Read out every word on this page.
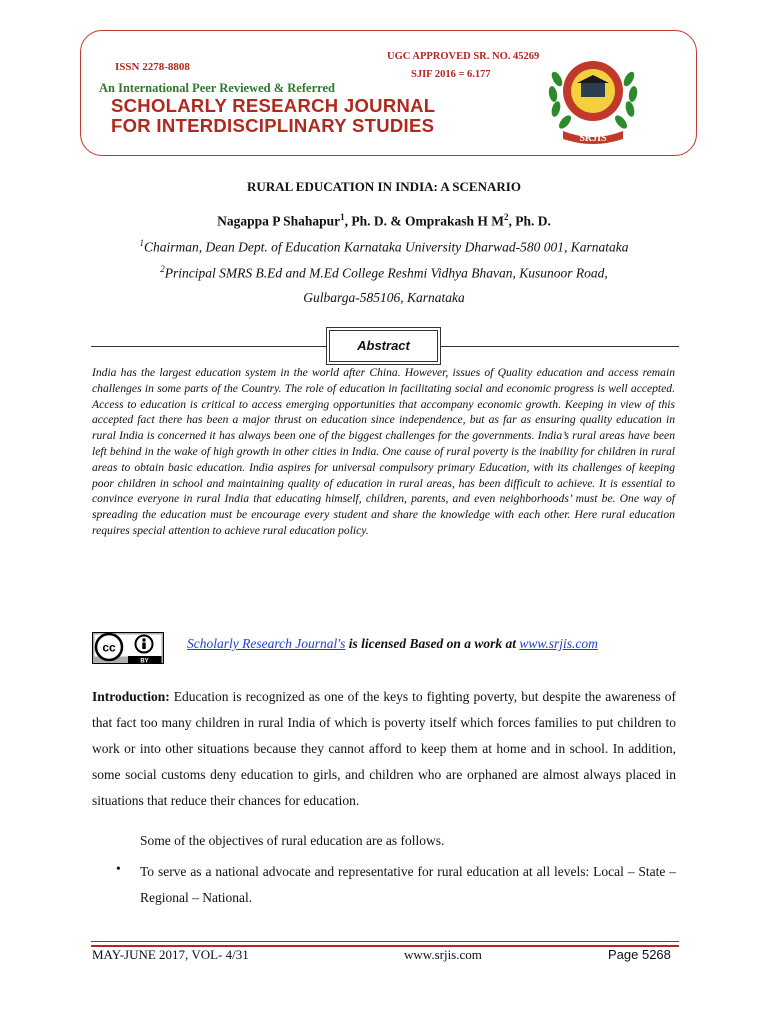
ISSN 2278-8808
An International Peer Reviewed & Referred
SCHOLARLY RESEARCH JOURNAL
FOR INTERDISCIPLINARY STUDIES
UGC APPROVED SR. NO. 45269
SJIF 2016 = 6.177
SRJIS
RURAL EDUCATION IN INDIA: A SCENARIO
Nagappa P Shahapur$^1$, Ph. D. & Omprakash H $M^2$, Ph. D.
$^1$Chairman, Dean Dept. of Education Karnataka University Dharwad-580 001, Karnataka
$^2$Principal SMRS B.Ed and M.Ed College Reshmi Vidhya Bhavan, Kusunoor Road,
Gulbarga-585106, Karnataka
Abstract
India has the largest education system in the world after China. However, issues of Quality education and access remain challenges in some parts of the Country. The role of education in facilitating social and economic progress is well accepted. Access to education is critical to access emerging opportunities that accompany economic growth. Keeping in view of this accepted fact there has been a major thrust on education since independence, but as far as ensuring quality education in rural India is concerned it has always been one of the biggest challenges for the governments. India’s rural areas have been left behind in the wake of high growth in other cities in India. One cause of rural poverty is the inability for children in rural areas to obtain basic education. India aspires for universal compulsory primary Education, with its challenges of keeping poor children in school and maintaining quality of education in rural areas, has been difficult to achieve. It is essential to convince everyone in rural India that educating himself, children, parents, and even neighborhoods’ must be. One way of spreading the education must be encourage every student and share the knowledge with each other. Here rural education requires special attention to achieve rural education policy.
cc
BY
Scholarly Research Journal's is licensed Based on a work at www.srjis.com
Introduction: Education is recognized as one of the keys to fighting poverty, but despite the awareness of that fact too many children in rural India of which is poverty itself which forces families to put children to work or into other situations because they cannot afford to keep them at home and in school. In addition, some social customs deny education to girls, and children who are orphaned are almost always placed in situations that reduce their chances for education.
Some of the objectives of rural education are as follows.
• To serve as a national advocate and representative for rural education at all levels: Local – State – Regional – National.
MAY-JUNE 2017, VOL- 4/31	www.srjis.com	Page 5268
